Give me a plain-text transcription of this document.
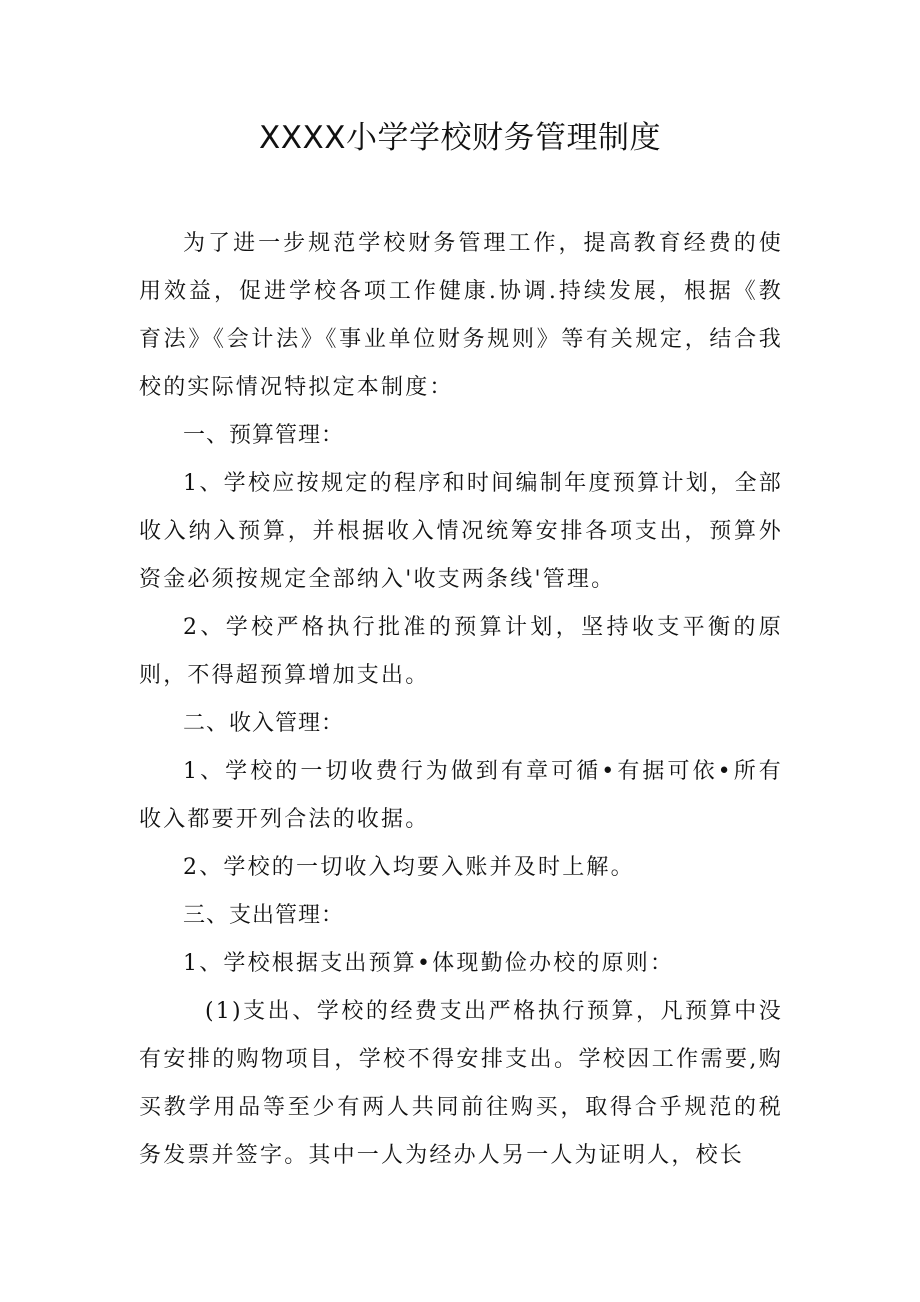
XXXX小学学校财务管理制度

为了进一步规范学校财务管理工作，提高教育经费的使用效益，促进学校各项工作健康.协调.持续发展，根据《教育法》《会计法》《事业单位财务规则》等有关规定，结合我校的实际情况特拟定本制度：

一、预算管理：

1、学校应按规定的程序和时间编制年度预算计划，全部收入纳入预算，并根据收入情况统筹安排各项支出，预算外资金必须按规定全部纳入'收支两条线'管理。

2、学校严格执行批准的预算计划，坚持收支平衡的原则，不得超预算增加支出。

二、收入管理：

1、学校的一切收费行为做到有章可循•有据可依•所有收入都要开列合法的收据。

2、学校的一切收入均要入账并及时上解。

三、支出管理：

1、学校根据支出预算•体现勤俭办校的原则：

(1)支出、学校的经费支出严格执行预算，凡预算中没有安排的购物项目，学校不得安排支出。学校因工作需要,购买教学用品等至少有两人共同前往购买，取得合乎规范的税务发票并签字。其中一人为经办人另一人为证明人，校长
